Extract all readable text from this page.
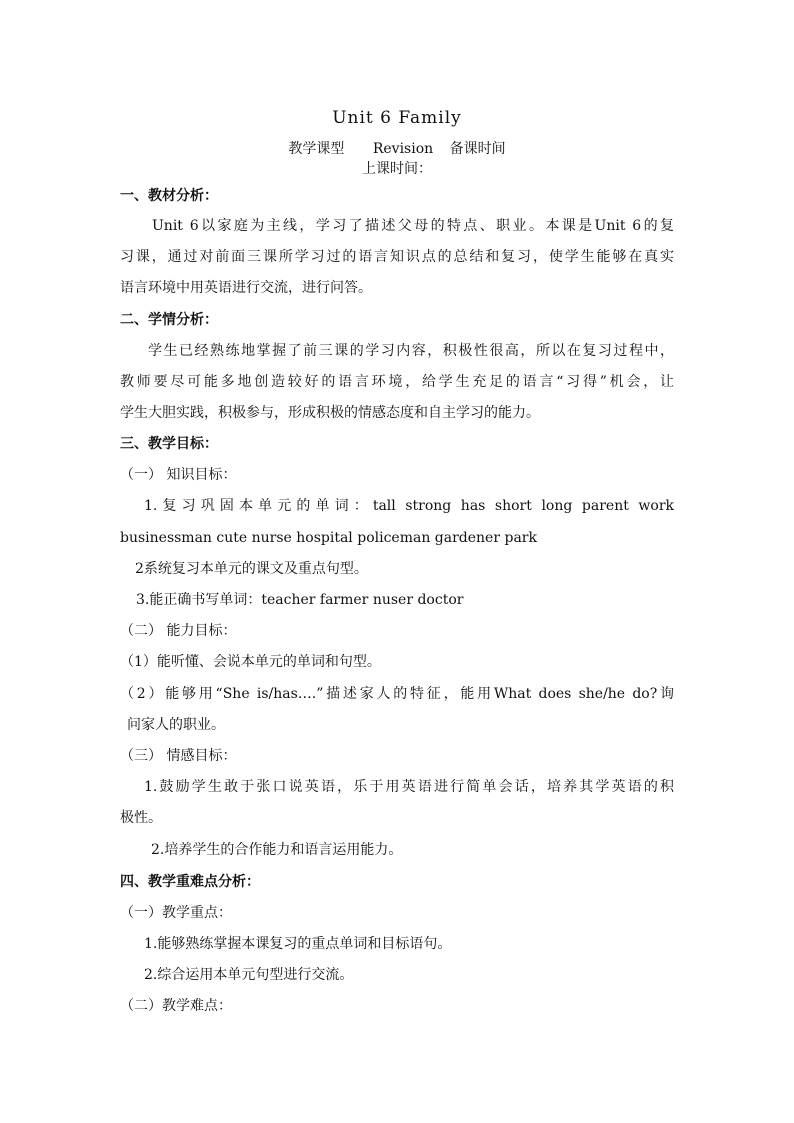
Unit 6 Family
教学课型 Revision 备课时间
上课时间：
一、教材分析：
Unit 6以家庭为主线，学习了描述父母的特点、职业。本课是Unit 6的复
习课，通过对前面三课所学习过的语言知识点的总结和复习，使学生能够在真实
语言环境中用英语进行交流，进行问答。
二、学情分析：
学生已经熟练地掌握了前三课的学习内容，积极性很高，所以在复习过程中，
教师要尽可能多地创造较好的语言环境，给学生充足的语言“习得”机会，让
学生大胆实践，积极参与，形成积极的情感态度和自主学习的能力。
三、教学目标：
（一） 知识目标：
1.复习巩固本单元的单词：tall strong has short long parent work
businessman cute nurse hospital policeman gardener park
2系统复习本单元的课文及重点句型。
3.能正确书写单词：teacher farmer nuser doctor
（二） 能力目标：
（1）能听懂、会说本单元的单词和句型。
（2）能够用“She is/has….”描述家人的特征，能用What does she/he do?询
问家人的职业。
（三） 情感目标：
1.鼓励学生敢于张口说英语，乐于用英语进行简单会话，培养其学英语的积
极性。
2.培养学生的合作能力和语言运用能力。
四、教学重难点分析：
（一）教学重点：
1.能够熟练掌握本课复习的重点单词和目标语句。
2.综合运用本单元句型进行交流。
（二）教学难点：
